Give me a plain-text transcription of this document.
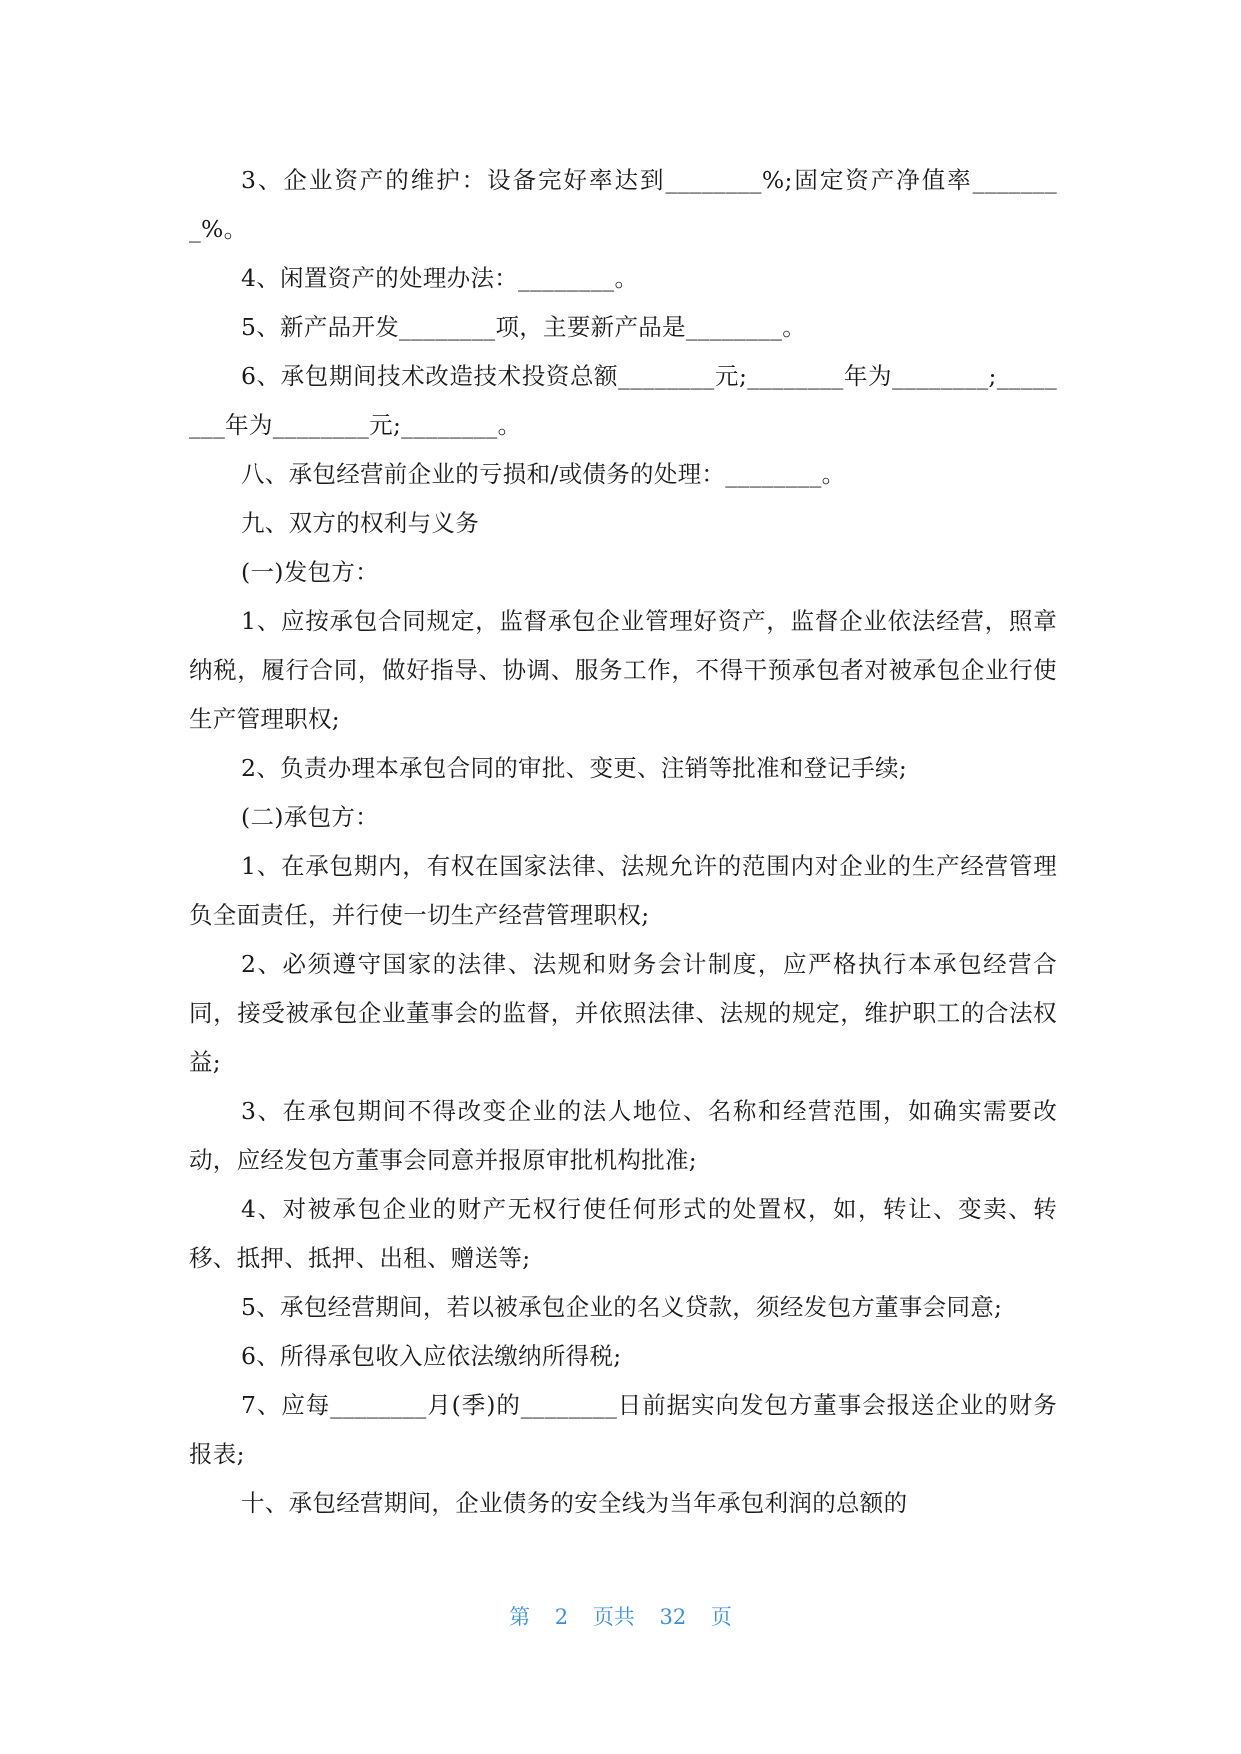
3、企业资产的维护：设备完好率达到________%;固定资产净值率________%。

4、闲置资产的处理办法：________。

5、新产品开发________项，主要新产品是________。

6、承包期间技术改造技术投资总额________元;________年为________;________年为________元;________。

八、承包经营前企业的亏损和/或债务的处理：________。

九、双方的权利与义务

(一)发包方：

1、应按承包合同规定，监督承包企业管理好资产，监督企业依法经营，照章纳税，履行合同，做好指导、协调、服务工作，不得干预承包者对被承包企业行使生产管理职权;

2、负责办理本承包合同的审批、变更、注销等批准和登记手续;

(二)承包方：

1、在承包期内，有权在国家法律、法规允许的范围内对企业的生产经营管理负全面责任，并行使一切生产经营管理职权;

2、必须遵守国家的法律、法规和财务会计制度，应严格执行本承包经营合同，接受被承包企业董事会的监督，并依照法律、法规的规定，维护职工的合法权益;

3、在承包期间不得改变企业的法人地位、名称和经营范围，如确实需要改动，应经发包方董事会同意并报原审批机构批准;

4、对被承包企业的财产无权行使任何形式的处置权，如，转让、变卖、转移、抵押、抵押、出租、赠送等;

5、承包经营期间，若以被承包企业的名义贷款，须经发包方董事会同意;

6、所得承包收入应依法缴纳所得税;

7、应每________月(季)的________日前据实向发包方董事会报送企业的财务报表;

十、承包经营期间，企业债务的安全线为当年承包利润的总额的

第 2 页共 32 页
